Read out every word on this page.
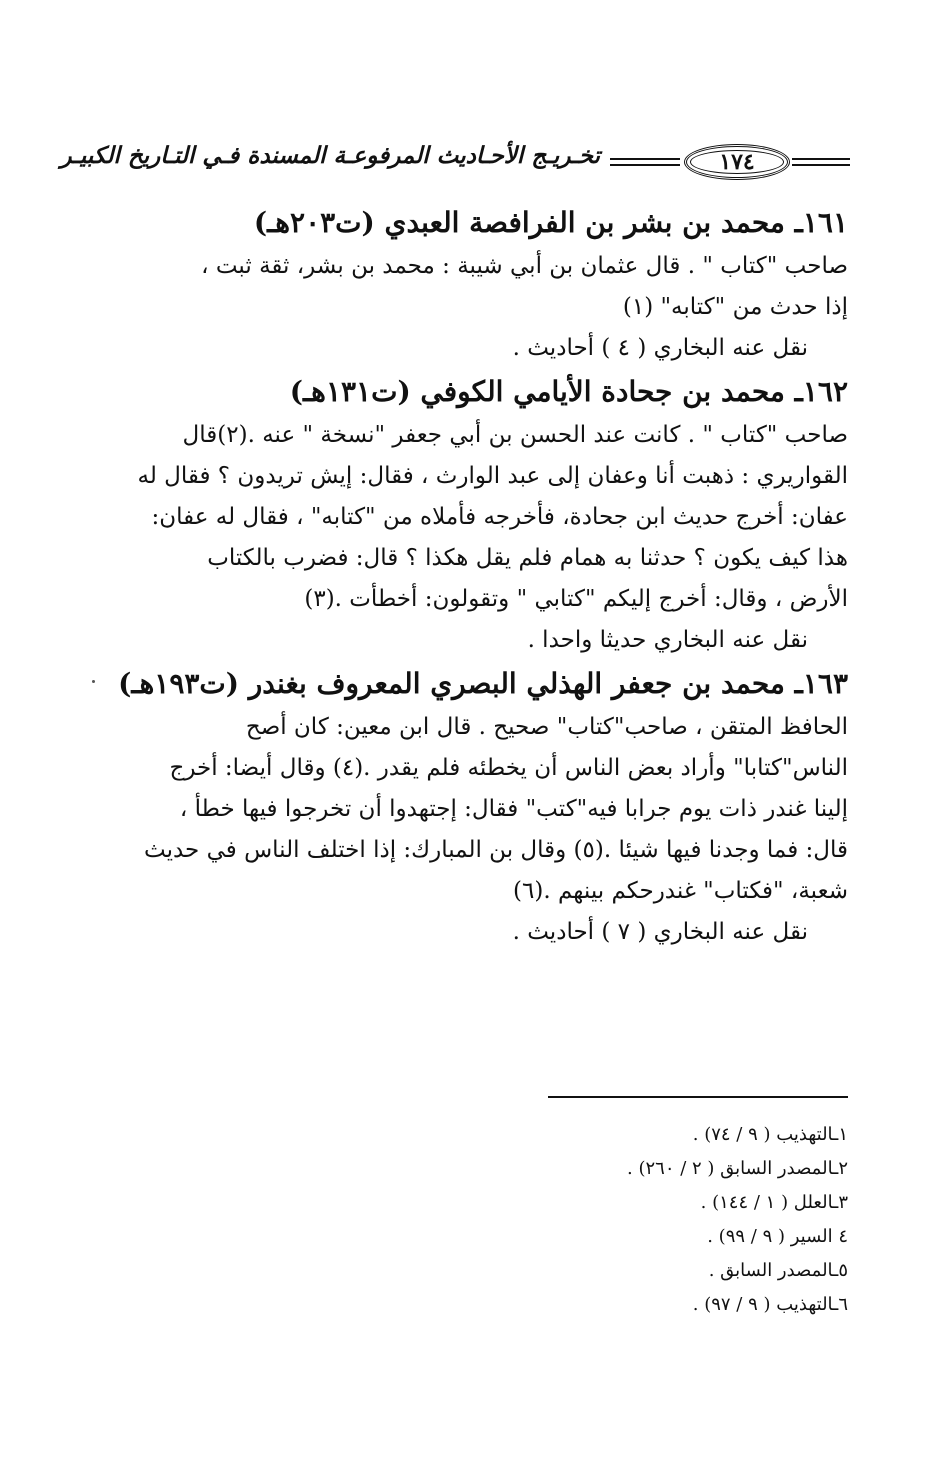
١٧٤
تخـريـج الأحـاديث المرفوعـة المسندة فـي التـاريخ الكبيـر
١٦١ـ محمد بن بشر بن الفرافصة العبدي (ت٢٠٣هـ)

صاحب "كتاب " . قال عثمان بن أبي شيبة : محمد بن بشر، ثقة ثبت ،
إذا حدث من "كتابه" (١)

نقل عنه البخاري ( ٤ ) أحاديث .

١٦٢ـ محمد بن جحادة الأيامي الكوفي (ت١٣١هـ)

صاحب "كتاب " . كانت عند الحسن بن أبي جعفر "نسخة " عنه .(٢)قال
القواريري : ذهبت أنا وعفان إلى عبد الوارث ، فقال: إيش تريدون ؟ فقال له
عفان: أخرج حديث ابن جحادة، فأخرجه فأملاه من "كتابه" ، فقال له عفان:
هذا كيف يكون ؟ حدثنا به همام فلم يقل هكذا ؟ قال: فضرب بالكتاب
الأرض ، وقال: أخرج إليكم "كتابي " وتقولون: أخطأت .(٣)

نقل عنه البخاري حديثا واحدا .

١٦٣ـ محمد بن جعفر الهذلي البصري المعروف بغندر (ت١٩٣هـ)

الحافظ المتقن ، صاحب"كتاب" صحيح . قال ابن معين: كان أصح
الناس"كتابا" وأراد بعض الناس أن يخطئه فلم يقدر .(٤) وقال أيضا: أخرج
إلينا غندر ذات يوم جرابا فيه"كتب" فقال: إجتهدوا أن تخرجوا فيها خطأ ،
قال: فما وجدنا فيها شيئا .(٥) وقال بن المبارك: إذا اختلف الناس في حديث
شعبة، "فكتاب" غندرحكم بينهم .(٦)

نقل عنه البخاري ( ٧ ) أحاديث .

١ـالتهذيب ( ٩ / ٧٤) .

٢ـالمصدر السابق ( ٢ / ٢٦٠) .

٣ـالعلل ( ١ / ١٤٤) .

٤ السير ( ٩ / ٩٩) .

٥ـالمصدر السابق .

٦ـالتهذيب ( ٩ / ٩٧) .
